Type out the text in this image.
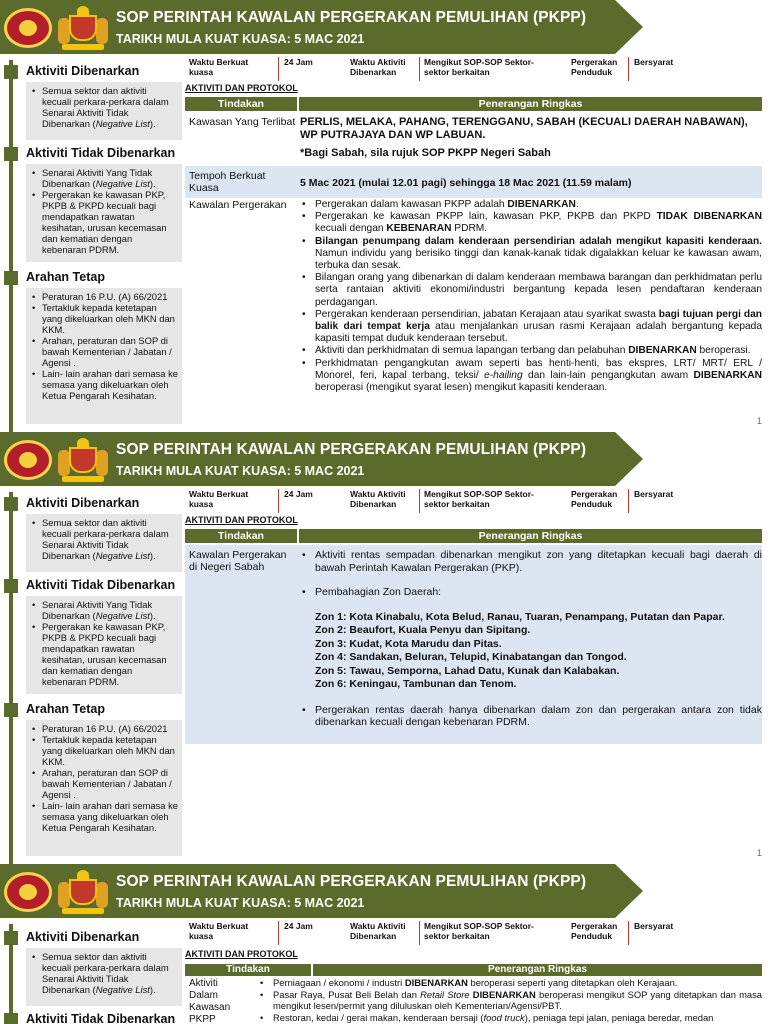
SOP PERINTAH KAWALAN PERGERAKAN PEMULIHAN (PKPP)
TARIKH MULA KUAT KUASA: 5 MAC 2021
Aktiviti Dibenarkan
• Semua sektor dan aktiviti kecuali perkara-perkara dalam Senarai Aktiviti Tidak Dibenarkan (Negative List).
Aktiviti Tidak Dibenarkan
• Senarai Aktiviti Yang Tidak Dibenarkan (Negative List).
• Pergerakan ke kawasan PKP, PKPB & PKPD kecuali bagi mendapatkan rawatan kesihatan, urusan kecemasan dan kematian dengan kebenaran PDRM.
Arahan Tetap
• Peraturan 16 P.U. (A) 66/2021
• Tertakluk kepada ketetapan yang dikeluarkan oleh MKN dan KKM.
• Arahan, peraturan dan SOP di bawah Kementerian / Jabatan / Agensi .
• Lain- lain arahan dari semasa ke semasa yang dikeluarkan oleh Ketua Pengarah Kesihatan.
Waktu Berkuat kuasa
24 Jam	Waktu Aktiviti Dibenarkan
Mengikut SOP-SOP Sektor-sektor berkaitan
Pergerakan Penduduk
Bersyarat
AKTIVITI DAN PROTOKOL
Tindakan	Penerangan Ringkas
Kawasan Yang Terlibat PERLIS, MELAKA, PAHANG, TERENGGANU, SABAH (KECUALI DAERAH NABAWAN), WP PUTRAJAYA DAN WP LABUAN.
*Bagi Sabah, sila rujuk SOP PKPP Negeri Sabah
Tempoh Berkuat Kuasa	5 Mac 2021 (mulai 12.01 pagi) sehingga 18 Mac 2021 (11.59 malam)
Kawalan Pergerakan
•	Pergerakan dalam kawasan PKPP adalah DIBENARKAN.
• Pergerakan ke kawasan PKPP lain, kawasan PKP, PKPB dan PKPD TIDAK DIBENARKAN kecuali dengan KEBENARAN PDRM.
• Bilangan penumpang dalam kenderaan persendirian adalah mengikut kapasiti kenderaan. Namun individu yang berisiko tinggi dan kanak-kanak tidak digalakkan keluar ke kawasan awam, terbuka dan sesak.
• Bilangan orang yang dibenarkan di dalam kenderaan membawa barangan dan perkhidmatan perlu serta rantaian aktiviti ekonomi/industri bergantung kepada lesen pendaftaran kenderaan perdagangan.
• Pergerakan kenderaan persendirian, jabatan Kerajaan atau syarikat swasta bagi tujuan pergi dan balik dari tempat kerja atau menjalankan urusan rasmi Kerajaan adalah bergantung kepada kapasiti tempat duduk kenderaan tersebut.
• Aktiviti dan perkhidmatan di semua lapangan terbang dan pelabuhan DIBENARKAN beroperasi.
• Perkhidmatan pengangkutan awam seperti bas henti-henti, bas ekspres, LRT/ MRT/ ERL / Monorel, feri, kapal terbang, teksi/ e-hailing dan lain-lain pengangkutan awam DIBENARKAN beroperasi (mengikut syarat lesen) mengikut kapasiti kenderaan.
1
SOP PERINTAH KAWALAN PERGERAKAN PEMULIHAN (PKPP)
TARIKH MULA KUAT KUASA: 5 MAC 2021
Aktiviti Dibenarkan
• Semua sektor dan aktiviti kecuali perkara-perkara dalam Senarai Aktiviti Tidak Dibenarkan (Negative List).
Aktiviti Tidak Dibenarkan
• Senarai Aktiviti Yang Tidak Dibenarkan (Negative List).
• Pergerakan ke kawasan PKP, PKPB & PKPD kecuali bagi mendapatkan rawatan kesihatan, urusan kecemasan dan kematian dengan kebenaran PDRM.
Arahan Tetap
• Peraturan 16 P.U. (A) 66/2021
• Tertakluk kepada ketetapan yang dikeluarkan oleh MKN dan KKM.
• Arahan, peraturan dan SOP di bawah Kementerian / Jabatan / Agensi .
• Lain- lain arahan dari semasa ke semasa yang dikeluarkan oleh Ketua Pengarah Kesihatan.
Waktu Berkuat kuasa
24 Jam	Waktu Aktiviti Dibenarkan
Mengikut SOP-SOP Sektor-sektor berkaitan
Pergerakan Penduduk
Bersyarat
AKTIVITI DAN PROTOKOL
Tindakan	Penerangan Ringkas
Kawalan Pergerakan di Negeri Sabah
• Aktiviti rentas sempadan dibenarkan mengikut zon yang ditetapkan kecuali bagi daerah di bawah Perintah Kawalan Pergerakan (PKP).
• Pembahagian Zon Daerah:
Zon 1: Kota Kinabalu, Kota Belud, Ranau, Tuaran, Penampang, Putatan dan Papar.
Zon 2: Beaufort, Kuala Penyu dan Sipitang.
Zon 3: Kudat, Kota Marudu dan Pitas.
Zon 4: Sandakan, Beluran, Telupid, Kinabatangan dan Tongod.
Zon 5: Tawau, Semporna, Lahad Datu, Kunak dan Kalabakan.
Zon 6: Keningau, Tambunan dan Tenom.
• Pergerakan rentas daerah hanya dibenarkan dalam zon dan pergerakan antara zon tidak dibenarkan kecuali dengan kebenaran PDRM.
1
SOP PERINTAH KAWALAN PERGERAKAN PEMULIHAN (PKPP)
TARIKH MULA KUAT KUASA: 5 MAC 2021
Aktiviti Dibenarkan
• Semua sektor dan aktiviti kecuali perkara-perkara dalam Senarai Aktiviti Tidak Dibenarkan (Negative List).
Aktiviti Tidak Dibenarkan
Waktu Berkuat kuasa
24 Jam	Waktu Aktiviti Dibenarkan
Mengikut SOP-SOP Sektor-sektor berkaitan
Pergerakan Penduduk
Bersyarat
AKTIVITI DAN PROTOKOL
Tindakan	Penerangan Ringkas
Aktiviti Dalam Kawasan PKPP
• Perniagaan / ekonomi / industri DIBENARKAN beroperasi seperti yang ditetapkan oleh Kerajaan.
• Pasar Raya, Pusat Beli Belah dan Retail Store DIBENARKAN beroperasi mengikut SOP yang ditetapkan dan masa mengikut lesen/permit yang diluluskan oleh Kementerian/Agensi/PBT.
• Restoran, kedai / gerai makan, kenderaan bersaji (food truck), peniaga tepi jalan, peniaga beredar, medan
